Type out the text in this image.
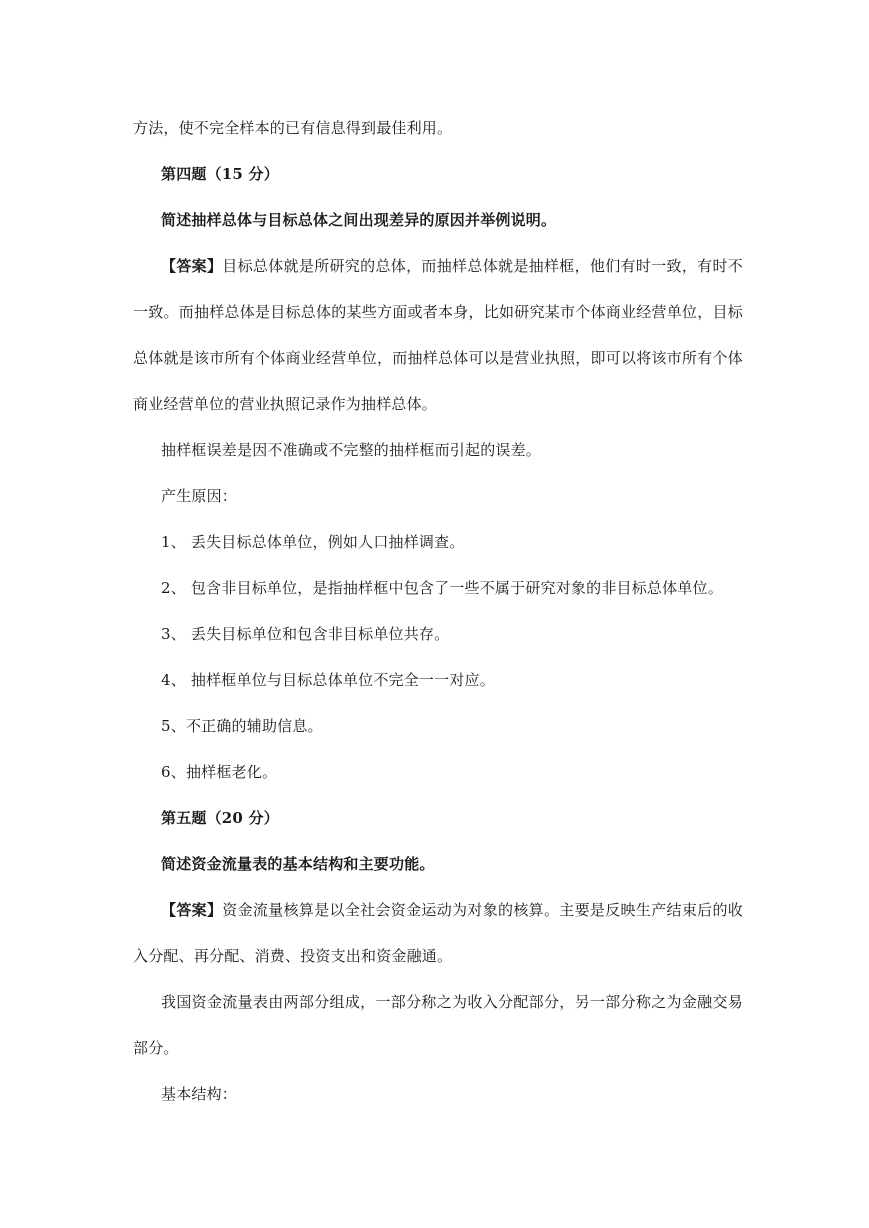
方法，使不完全样本的已有信息得到最佳利用。
第四题（15 分）
简述抽样总体与目标总体之间出现差异的原因并举例说明。
【答案】目标总体就是所研究的总体，而抽样总体就是抽样框，他们有时一致，有时不
一致。而抽样总体是目标总体的某些方面或者本身，比如研究某市个体商业经营单位，目标
总体就是该市所有个体商业经营单位，而抽样总体可以是营业执照，即可以将该市所有个体
商业经营单位的营业执照记录作为抽样总体。
抽样框误差是因不准确或不完整的抽样框而引起的误差。
产生原因：
1、 丢失目标总体单位，例如人口抽样调查。
2、 包含非目标单位，是指抽样框中包含了一些不属于研究对象的非目标总体单位。
3、 丢失目标单位和包含非目标单位共存。
4、 抽样框单位与目标总体单位不完全一一对应。
5、不正确的辅助信息。
6、抽样框老化。
第五题（20 分）
简述资金流量表的基本结构和主要功能。
【答案】资金流量核算是以全社会资金运动为对象的核算。主要是反映生产结束后的收
入分配、再分配、消费、投资支出和资金融通。
我国资金流量表由两部分组成，一部分称之为收入分配部分，另一部分称之为金融交易
部分。
基本结构：
